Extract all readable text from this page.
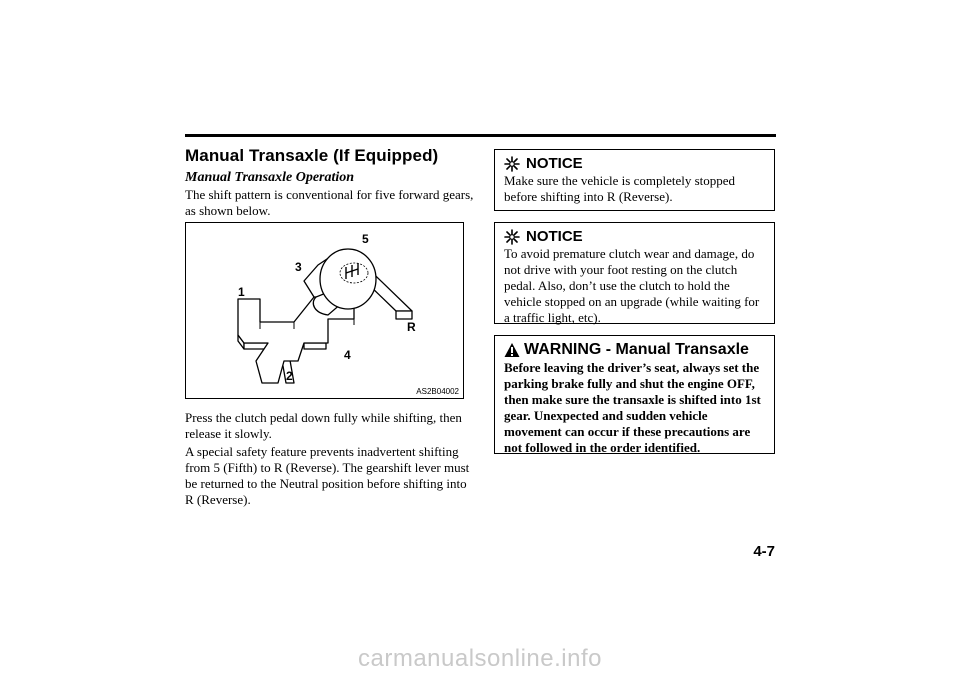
Manual Transaxle (If Equipped)
Manual Transaxle Operation

The shift pattern is conventional for five forward gears, as shown below.

1
2
3
4
5
R
AS2B04002

Press the clutch pedal down fully while shifting, then release it slowly.

A special safety feature prevents inadvertent shifting from 5 (Fifth) to R (Reverse). The gearshift lever must be returned to the Neutral position before shifting into R (Reverse).

NOTICE

Make sure the vehicle is completely stopped before shifting into R (Reverse).

NOTICE

To avoid premature clutch wear and damage, do not drive with your foot resting on the clutch pedal. Also, don’t use the clutch to hold the vehicle stopped on an upgrade (while waiting for a traffic light, etc).

WARNING - Manual Transaxle

Before leaving the driver’s seat, always set the parking brake fully and shut the engine OFF, then make sure the transaxle is shifted into 1st gear. Unexpected and sudden vehicle movement can occur if these precautions are not followed in the order identified.

4-7
carmanualsonline.info
